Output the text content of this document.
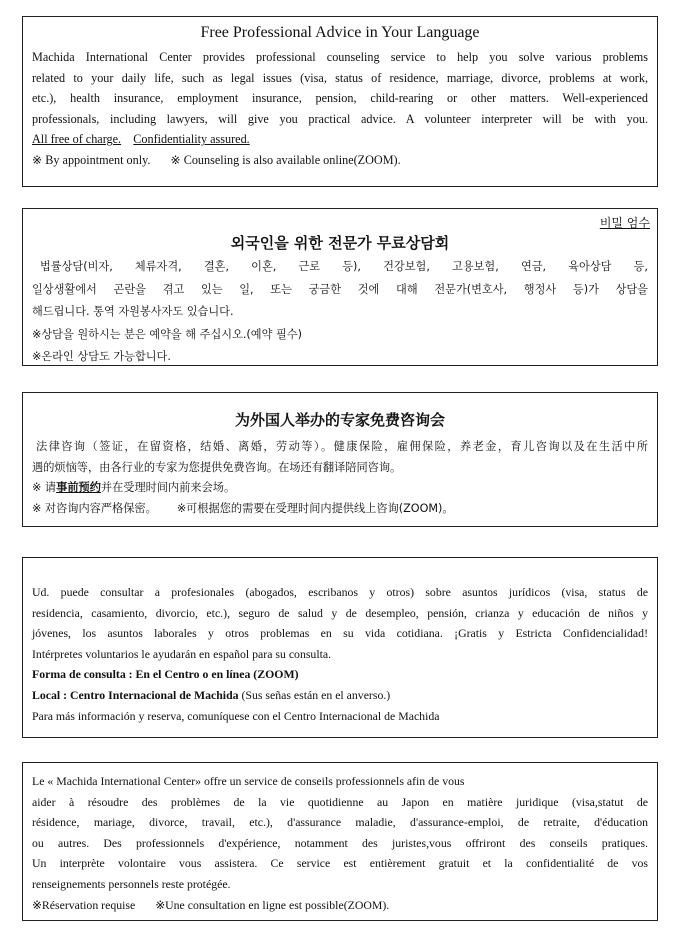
Free Professional Advice in Your Language
Machida International Center provides professional counseling service to help you solve various problems
related to your daily life, such as legal issues (visa, status of residence, marriage, divorce, problems at work,
etc.), health insurance, employment insurance, pension, child-rearing or other matters. Well-experienced
professionals, including lawyers, will give you practical advice. A volunteer interpreter will be with you.
All free of charge. Confidentiality assured.
※ By appointment only. ※ Counseling is also available online(ZOOM).
비밀 엄수
외국인을 위한 전문가 무료상담회
법률상담(비자, 체류자격, 결혼, 이혼, 근로 등), 건강보험, 고용보험, 연금, 육아상담 등,
일상생활에서 곤란을 겪고 있는 일, 또는 궁금한 것에 대해 전문가(변호사, 행정사 등)가 상담을
해드립니다. 통역 자원봉사자도 있습니다.
※상담을 원하시는 분은 예약을 해 주십시오.(예약 필수)
※온라인 상담도 가능합니다.
为外国人举办的专家免费咨询会
法律咨询（签证，在留资格，结婚、离婚，劳动等）。健康保险，雇佣保险，养老金，育儿咨询以及在生活中所
遇的烦恼等，由各行业的专家为您提供免费咨询。在场还有翻译陪同咨询。
※ 请事前预约并在受理时间内前来会场。
※ 对咨询内容严格保密。 ※可根据您的需要在受理时间内提供线上咨询(ZOOM)。
Ud. puede consultar a profesionales (abogados, escribanos y otros) sobre asuntos jurídicos (visa, status de
residencia, casamiento, divorcio, etc.), seguro de salud y de desempleo, pensión, crianza y educación de niños y
jóvenes, los asuntos laborales y otros problemas en su vida cotidiana. ¡Gratis y Estricta Confidencialidad!
Intérpretes voluntarios le ayudarán en español para su consulta.
Forma de consulta : En el Centro o en línea (ZOOM)
Local : Centro Internacional de Machida (Sus señas están en el anverso.)
Para más información y reserva, comuníquese con el Centro Internacional de Machida
Le « Machida International Center» offre un service de conseils professionnels afin de vous
aider à résoudre des problèmes de la vie quotidienne au Japon en matière juridique (visa,statut de
résidence, mariage, divorce, travail, etc.), d'assurance maladie, d'assurance-emploi, de retraite, d'éducation
ou autres. Des professionnels d'expérience, notamment des juristes,vous offriront des conseils pratiques.
Un interprète volontaire vous assistera. Ce service est entièrement gratuit et la confidentialité de vos
renseignements personnels reste protégée.
※Réservation requise ※Une consultation en ligne est possible(ZOOM).
